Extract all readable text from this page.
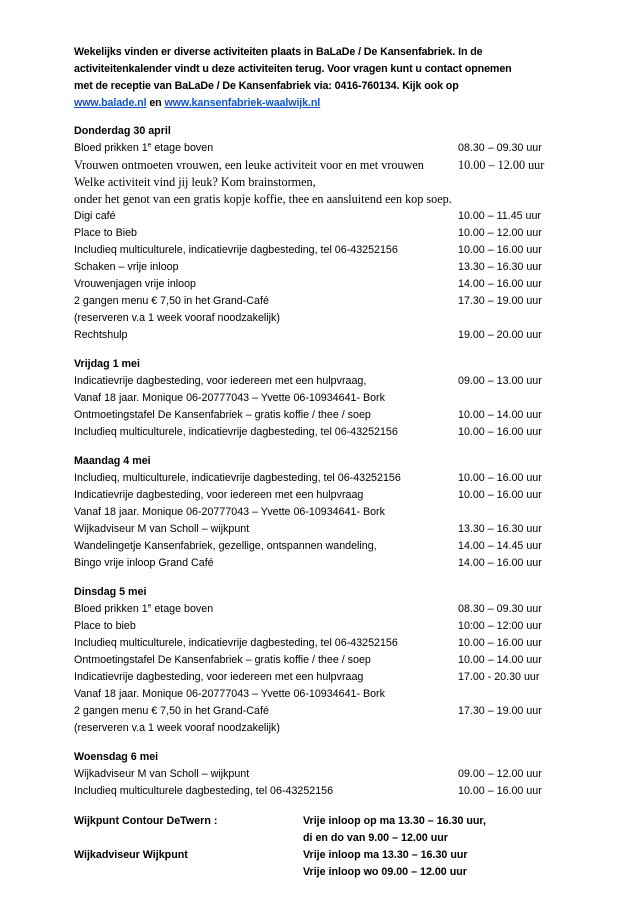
Wekelijks vinden er diverse activiteiten plaats in BaLaDe / De Kansenfabriek. In de
activiteitenkalender vindt u deze activiteiten terug. Voor vragen kunt u contact opnemen
met de receptie van BaLaDe / De Kansenfabriek via: 0416-760134. Kijk ook op
www.balade.nl en www.kansenfabriek-waalwijk.nl

Donderdag 30 april
Bloed prikken 1e etage boven	08.30 – 09.30 uur
Vrouwen ontmoeten vrouwen, een leuke activiteit voor en met vrouwen	10.00 – 12.00 uur
Welke activiteit vind jij leuk? Kom brainstormen,
onder het genot van een gratis kopje koffie, thee en aansluitend een kop soep.
Digi café	10.00 – 11.45 uur
Place to Bieb	10.00 – 12.00 uur
Includieq multiculturele, indicatievrije dagbesteding, tel 06-43252156	10.00 – 16.00 uur
Schaken – vrije inloop	13.30 – 16.30 uur
Vrouwenjagen vrije inloop	14.00 – 16.00 uur
2 gangen menu € 7,50 in het Grand-Café	17.30 – 19.00 uur
(reserveren v.a 1 week vooraf noodzakelijk)
Rechtshulp	19.00 – 20.00 uur
Vrijdag 1 mei
Indicatievrije dagbesteding, voor iedereen met een hulpvraag,	09.00 – 13.00 uur
Vanaf 18 jaar. Monique 06-20777043 – Yvette 06-10934641- Bork
Ontmoetingstafel De Kansenfabriek – gratis koffie / thee / soep	10.00 – 14.00 uur
Includieq multiculturele, indicatievrije dagbesteding, tel 06-43252156	10.00 – 16.00 uur
Maandag 4 mei
Includieq, multiculturele, indicatievrije dagbesteding, tel 06-43252156	10.00 – 16.00 uur
Indicatievrije dagbesteding, voor iedereen met een hulpvraag	10.00 – 16.00 uur
Vanaf 18 jaar. Monique 06-20777043 – Yvette 06-10934641- Bork
Wijkadviseur M van Scholl – wijkpunt	13.30 – 16.30 uur
Wandelingetje Kansenfabriek, gezellige, ontspannen wandeling,	14.00 – 14.45 uur
Bingo vrije inloop Grand Café	14.00 – 16.00 uur
Dinsdag 5 mei
Bloed prikken 1e etage boven	08.30 – 09.30 uur
Place to bieb	10:00 – 12:00 uur
Includieq multiculturele, indicatievrije dagbesteding, tel 06-43252156	10.00 – 16.00 uur
Ontmoetingstafel De Kansenfabriek – gratis koffie / thee / soep	10.00 – 14.00 uur
Indicatievrije dagbesteding, voor iedereen met een hulpvraag	17.00 - 20.30 uur
Vanaf 18 jaar. Monique 06-20777043 – Yvette 06-10934641- Bork
2 gangen menu € 7,50 in het Grand-Café	17.30 – 19.00 uur
(reserveren v.a 1 week vooraf noodzakelijk)
Woensdag 6 mei
Wijkadviseur M van Scholl – wijkpunt	09.00 – 12.00 uur
Includieq multiculturele dagbesteding, tel 06-43252156	10.00 – 16.00 uur
Wijkpunt Contour DeTwern :	Vrije inloop op ma 13.30 – 16.30 uur,
di en do van 9.00 – 12.00 uur
Wijkadviseur Wijkpunt	Vrije inloop ma 13.30 – 16.30 uur
Vrije inloop wo 09.00 – 12.00 uur
